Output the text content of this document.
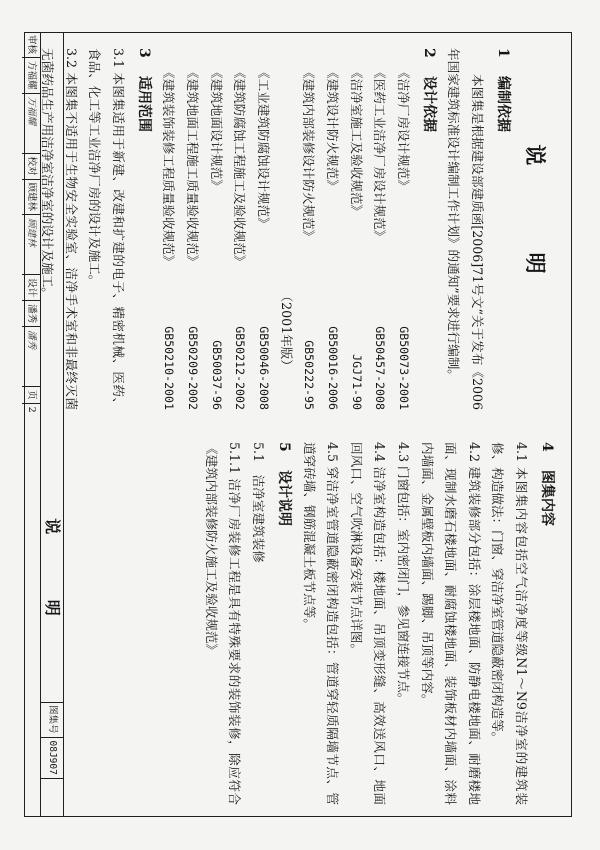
说 明
1编制依据
本图集是根据建设部建质函[2006]71号文“关于发布《2006年国家建筑标准设计编制工作计划》的通知”要求进行编制。
2设计依据
《洁净厂房设计规范》
GB50073-2001
《医药工业洁净厂房设计规范》
GB50457-2008
《洁净室施工及验收规范》
JGJ71-90
《建筑设计防火规范》
GB50016-2006
《建筑内部装修设计防火规范》
GB50222-95
（2001年版）
《工业建筑防腐蚀设计规范》
GB50046-2008
《建筑防腐蚀工程施工及验收规范》
GB50212-2002
《建筑地面设计规范》
GB50037-96
《建筑地面工程施工质量验收规范》
GB50209-2002
《建筑装饰装修工程质量验收规范》
GB50210-2001
3适用范围
3.1 本图集适用于新建、改建和扩建的电子、精密机械、医药、食品、化工等工业洁净厂房的设计及施工。
3.2 本图集不适用于生物安全实验室、洁净手术室和非最终灭菌无菌药品生产用洁净室洁净室的设计及施工。
4图集内容
4.1 本图集内容包括空气洁净度等级N1～N9洁净室的建筑装修、构造做法：门窗、穿洁净室管道隐蔽密闭构造等。
4.2 建筑装修部分包括：涂层楼地面、防静电楼地面、耐磨楼地面、现制水磨石楼地面、耐腐蚀楼地面、装饰板材内墙面、涂料内墙面、金属壁板内墙面、踢脚、吊顶等内容。
4.3 门窗包括：室内密闭门，参见窗连接节点。
4.4 洁净室构造包括：楼地面、吊顶变形缝、高效送风口、地面回风口、空气吹淋设备安装节点详图。
4.5 穿洁净室管道隐蔽密闭构造包括：管道穿轻质隔墙节点、管道穿砖墙、钢筋混凝土板节点等。
5设计说明
5.1　洁净室建筑装修
5.1.1 洁净厂房装修工程是具有特殊要求的装饰装修，除应符合《建筑内部装修防火施工及验收规范》
说 明
图集号
08J907
审核
方福耀
万福耀
校对
顾建林
顾建林
设计
潘秀
潘秀
页
2
